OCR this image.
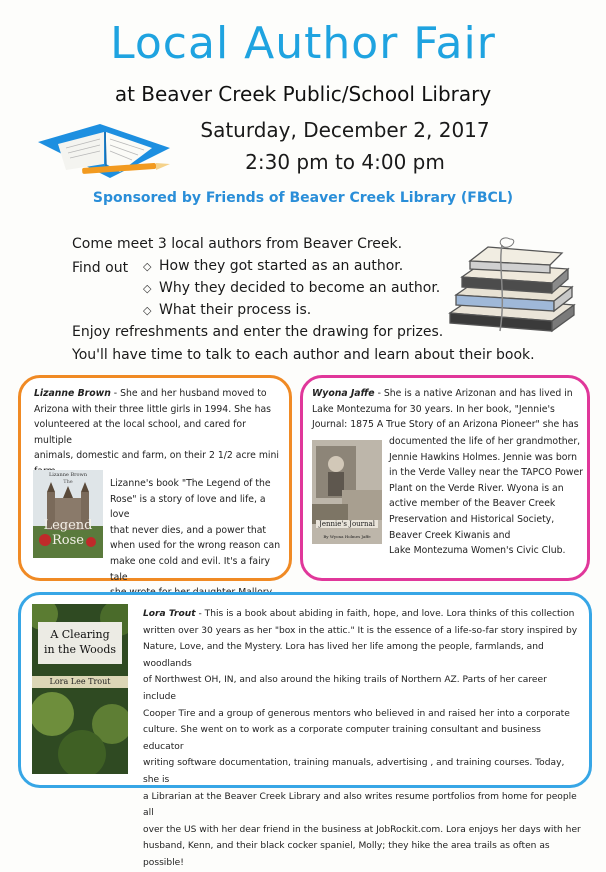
Local Author Fair
at Beaver Creek Public/School Library
Saturday, December 2, 2017
2:30 pm to 4:00 pm
Sponsored by Friends of Beaver Creek Library (FBCL)
Come meet 3 local authors from Beaver Creek.
Find out ◇ How they got started as an author.
◇ Why they decided to become an author.
◇ What their process is.
Enjoy refreshments and enter the drawing for prizes.
You'll have time to talk to each author and learn about their book.
Lizanne Brown - She and her husband moved to
Arizona with their three little girls in 1994. She has
volunteered at the local school, and cared for multiple
animals, domestic and farm, on their 2 1/2 acre mini
Lizanne Brown
The
Legend
Rose
Lizanne's book "The Legend of the
Rose" is a story of love and life, a love
that never dies, and a power that
when used for the wrong reason can
make one cold and evil. It's a fairy tale
Wyona Jaffe - She is a native Arizonan and has lived in
Lake Montezuma for 30 years. In her book, "Jennie's
Journal: 1875 A True Story of an Arizona Pioneer" she has
Jennie's Journal
By Wyona Holmes Jaffe
documented the life of her grandmother,
Jennie Hawkins Holmes. Jennie was born
in the Verde Valley near the TAPCO Power
Plant on the Verde River. Wyona is an
active member of the Beaver Creek
Preservation and Historical Society,
Beaver Creek Kiwanis and
Lake Montezuma Women's Civic Club.
A Clearing
in the Woods
Lora Lee Trout
Lora Trout - This is a book about abiding in faith, hope, and love. Lora thinks of this collection
written over 30 years as her "box in the attic." It is the essence of a life-so-far story inspired by
Nature, Love, and the Mystery. Lora has lived her life among the people, farmlands, and woodlands
of Northwest OH, IN, and also around the hiking trails of Northern AZ. Parts of her career include
Cooper Tire and a group of generous mentors who believed in and raised her into a corporate
culture. She went on to work as a corporate computer training consultant and business educator
writing software documentation, training manuals, advertising , and training courses. Today, she is
a Librarian at the Beaver Creek Library and also writes resume portfolios from home for people all
over the US with her dear friend in the business at JobRockit.com. Lora enjoys her days with her
husband, Kenn, and their black cocker spaniel, Molly; they hike the area trails as often as possible!
